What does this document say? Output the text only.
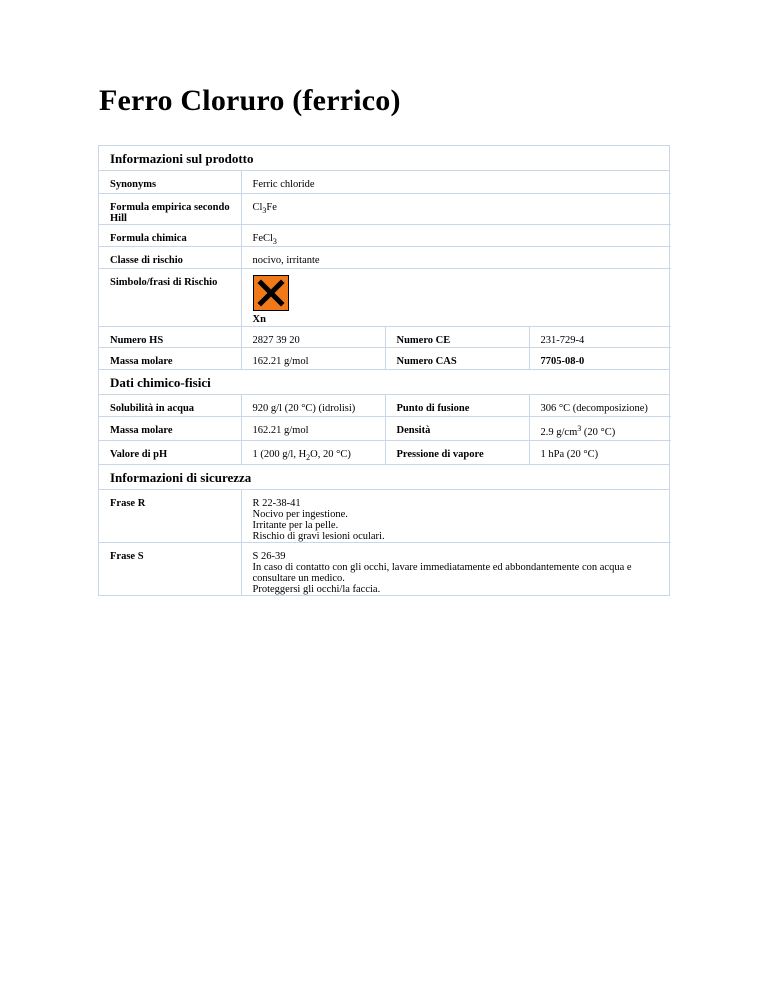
Ferro Cloruro (ferrico)
Informazioni sul prodotto
Synonyms	Ferric chloride		
Formula empirica secondo Hill	$Cl_3Fe$		
Formula chimica	FeCl$_3$
Classe di rischio	nocivo, irritante		
Simbolo/frasi di Rischio	Xn		
Numero HS	2827 39 20	Numero CE	231-729-4
Massa molare	162.21 g/mol	Numero CAS	7705-08-0
Dati chimico-fisici
Solubilità in acqua	920 g/l (20 °C) (idrolisi)	Punto di fusione	306 °C (decomposizione)
Massa molare	162.21 g/mol	Densità	2.9 $g/cm^3$ (20 °C)
Valore di pH	1 (200 g/l, $H_2O$, 20 °C)	Pressione di vapore	1 hPa (20 °C)
Informazioni di sicurezza
Frase R	R 22-38-41
Nocivo per ingestione.
Irritante per la pelle.
Rischio di gravi lesioni oculari.

Frase S	S 26-39
In caso di contatto con gli occhi, lavare immediatamente ed abbondantemente con acqua e consultare un medico.
Proteggersi gli occhi/la faccia.
